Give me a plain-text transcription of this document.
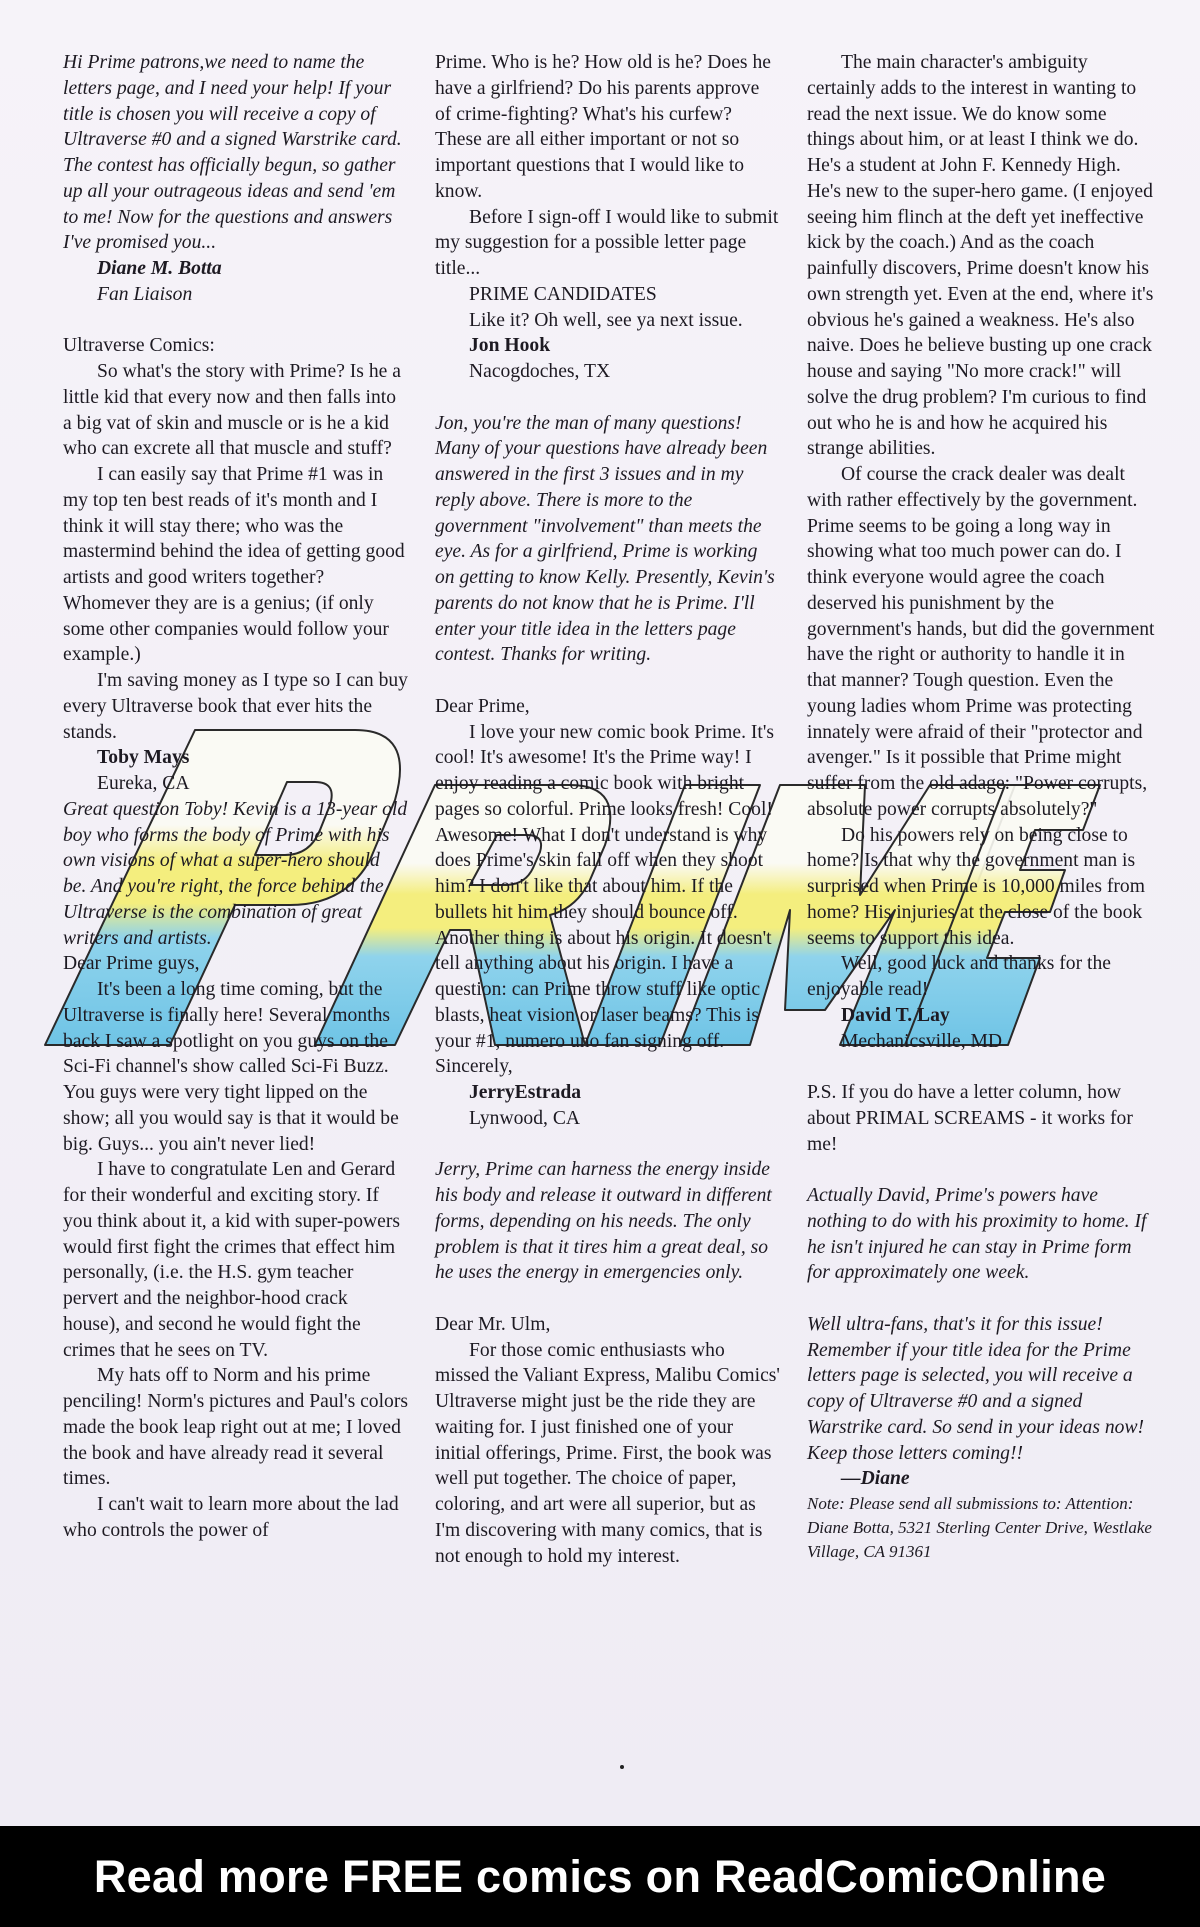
Hi Prime patrons,we need to name the letters page, and I need your help! If your title is chosen you will receive a copy of Ultraverse #0 and a signed Warstrike card. The contest has officially begun, so gather up all your outrageous ideas and send 'em to me! Now for the questions and answers I've promised you...

Diane M. Botta

Fan Liaison

Ultraverse Comics:

So what's the story with Prime? Is he a little kid that every now and then falls into a big vat of skin and muscle or is he a kid who can excrete all that muscle and stuff?

I can easily say that Prime #1 was in my top ten best reads of it's month and I think it will stay there; who was the mastermind behind the idea of getting good artists and good writers together? Whomever they are is a genius; (if only some other companies would follow your example.)

I'm saving money as I type so I can buy every Ultraverse book that ever hits the stands.

Toby Mays

Eureka, CA

Great question Toby! Kevin is a 13-year old boy who forms the body of Prime with his own visions of what a super-hero should be. And you're right, the force behind the Ultraverse is the combination of great writers and artists.

Dear Prime guys,

It's been a long time coming, but the Ultraverse is finally here! Several months back I saw a spotlight on you guys on the Sci-Fi channel's show called Sci-Fi Buzz. You guys were very tight lipped on the show; all you would say is that it would be big. Guys... you ain't never lied!

I have to congratulate Len and Gerard for their wonderful and exciting story. If you think about it, a kid with super-powers would first fight the crimes that effect him personally, (i.e. the H.S. gym teacher pervert and the neighbor-hood crack house), and second he would fight the crimes that he sees on TV.

My hats off to Norm and his prime penciling! Norm's pictures and Paul's colors made the book leap right out at me; I loved the book and have already read it several times.

I can't wait to learn more about the lad who controls the power of

Prime. Who is he? How old is he? Does he have a girlfriend? Do his parents approve of crime-fighting? What's his curfew? These are all either important or not so important questions that I would like to know.

Before I sign-off I would like to submit my suggestion for a possible letter page title...

PRIME CANDIDATES

Like it? Oh well, see ya next issue.

Jon Hook

Nacogdoches, TX

Jon, you're the man of many questions! Many of your questions have already been answered in the first 3 issues and in my reply above. There is more to the government "involvement" than meets the eye. As for a girlfriend, Prime is working on getting to know Kelly. Presently, Kevin's parents do not know that he is Prime. I'll enter your title idea in the letters page contest. Thanks for writing.

Dear Prime,

I love your new comic book Prime. It's cool! It's awesome! It's the Prime way! I enjoy reading a comic book with bright pages so colorful. Prime looks fresh! Cool! Awesome! What I don't understand is why does Prime's skin fall off when they shoot him? I don't like that about him. If the bullets hit him they should bounce off. Another thing is about his origin. It doesn't tell anything about his origin. I have a question: can Prime throw stuff like optic blasts, heat vision or laser beams? This is your #1, numero uno fan signing off.

Sincerely,

JerryEstrada

Lynwood, CA

Jerry, Prime can harness the energy inside his body and release it outward in different forms, depending on his needs. The only problem is that it tires him a great deal, so he uses the energy in emergencies only.

Dear Mr. Ulm,

For those comic enthusiasts who missed the Valiant Express, Malibu Comics' Ultraverse might just be the ride they are waiting for. I just finished one of your initial offerings, Prime. First, the book was well put together. The choice of paper, coloring, and art were all superior, but as I'm discovering with many comics, that is not enough to hold my interest.

The main character's ambiguity certainly adds to the interest in wanting to read the next issue. We do know some things about him, or at least I think we do. He's a student at John F. Kennedy High. He's new to the super-hero game. (I enjoyed seeing him flinch at the deft yet ineffective kick by the coach.) And as the coach painfully discovers, Prime doesn't know his own strength yet. Even at the end, where it's obvious he's gained a weakness. He's also naive. Does he believe busting up one crack house and saying "No more crack!" will solve the drug problem? I'm curious to find out who he is and how he acquired his strange abilities.

Of course the crack dealer was dealt with rather effectively by the government. Prime seems to be going a long way in showing what too much power can do. I think everyone would agree the coach deserved his punishment by the government's hands, but did the government have the right or authority to handle it in that manner? Tough question. Even the young ladies whom Prime was protecting innately were afraid of their "protector and avenger." Is it possible that Prime might suffer from the old adage: "Power corrupts, absolute power corrupts absolutely?"

Do his powers rely on being close to home? Is that why the government man is surprised when Prime is 10,000 miles from home? His injuries at the close of the book seems to support this idea.

Well, good luck and thanks for the enjoyable read!

David T. Lay

Mechanicsville, MD

P.S. If you do have a letter column, how about PRIMAL SCREAMS - it works for me!

Actually David, Prime's powers have nothing to do with his proximity to home. If he isn't injured he can stay in Prime form for approximately one week.

Well ultra-fans, that's it for this issue! Remember if your title idea for the Prime letters page is selected, you will receive a copy of Ultraverse #0 and a signed Warstrike card. So send in your ideas now! Keep those letters coming!!

—Diane

Note: Please send all submissions to: Attention: Diane Botta, 5321 Sterling Center Drive, Westlake Village, CA 91361

Read more FREE comics on ReadComicOnline
